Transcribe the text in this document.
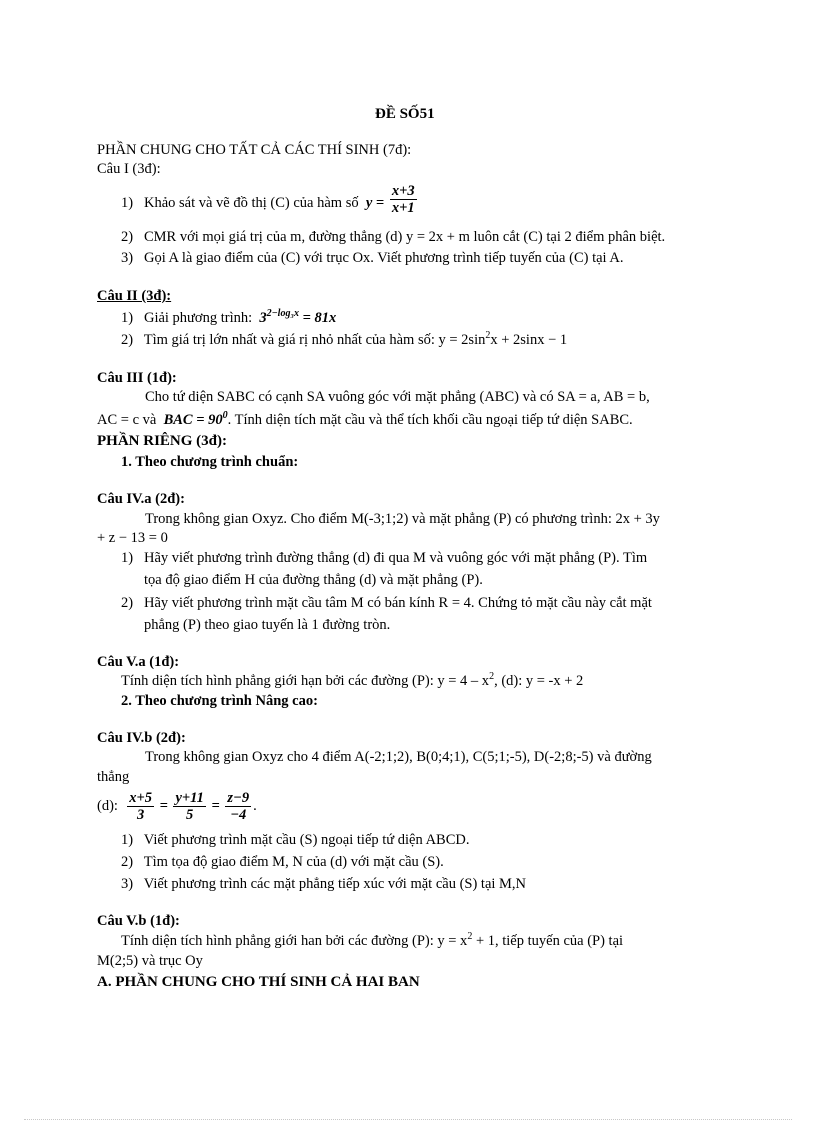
ĐỀ SỐ51
PHẦN CHUNG CHO TẤT CẢ CÁC THÍ SINH (7đ):
Câu I (3đ):
1) Khảo sát và vẽ đồ thị (C) của hàm số $y = \frac{x+3}{x+1}$
2) CMR với mọi giá trị của m, đường thẳng (d) y = 2x + m luôn cắt (C) tại 2 điểm phân biệt.
3) Gọi A là giao điểm của (C) với trục Ox. Viết phương trình tiếp tuyến của (C) tại A.
Câu II (3đ):
1) Giải phương trình: $3^{2-log_3x} = 81x$
2) Tìm giá trị lớn nhất và giá rị nhỏ nhất của hàm số: $y = 2\sin^2x + 2\sin x - 1$
Câu III (1đ):
Cho tứ diện SABC có cạnh SA vuông góc với mặt phẳng (ABC) và có SA = a, AB = b,
AC = c và BAC = $90^0$. Tính diện tích mặt cầu và thể tích khối cầu ngoại tiếp tứ diện SABC.
PHẦN RIÊNG (3đ):
1. Theo chương trình chuẩn:
Câu IV.a (2đ):
Trong không gian Oxyz. Cho điểm M(-3;1;2) và mặt phẳng (P) có phương trình: 2x + 3y
+ z − 13 = 0
1) Hãy viết phương trình đường thẳng (d) đi qua M và vuông góc với mặt phẳng (P). Tìm
tọa độ giao điểm H của đường thẳng (d) và mặt phẳng (P).
2) Hãy viết phương trình mặt cầu tâm M có bán kính R = 4. Chứng tỏ mặt cầu này cắt mặt
phẳng (P) theo giao tuyến là 1 đường tròn.
Câu V.a (1đ):
Tính diện tích hình phẳng giới hạn bởi các đường (P): $y = 4 - x^2$, (d): y = -x + 2
2. Theo chương trình Nâng cao:
Câu IV.b (2đ):
Trong không gian Oxyz cho 4 điểm A(-2;1;2), B(0;4;1), C(5;1;-5), D(-2;8;-5) và đường
thẳng
(d): $\frac{x+5}{3} = \frac{y+11}{5} = \frac{z-9}{-4}$ .
1) Viết phương trình mặt cầu (S) ngoại tiếp tứ diện ABCD.
2) Tìm tọa độ giao điểm M, N của (d) với mặt cầu (S).
3) Viết phương trình các mặt phẳng tiếp xúc với mặt cầu (S) tại M,N
Câu V.b (1đ):
Tính diện tích hình phẳng giới han bởi các đường (P): $y = x^2 + 1$, tiếp tuyến của (P) tại
M(2;5) và trục Oy
A. PHẦN CHUNG CHO THÍ SINH CẢ HAI BAN
